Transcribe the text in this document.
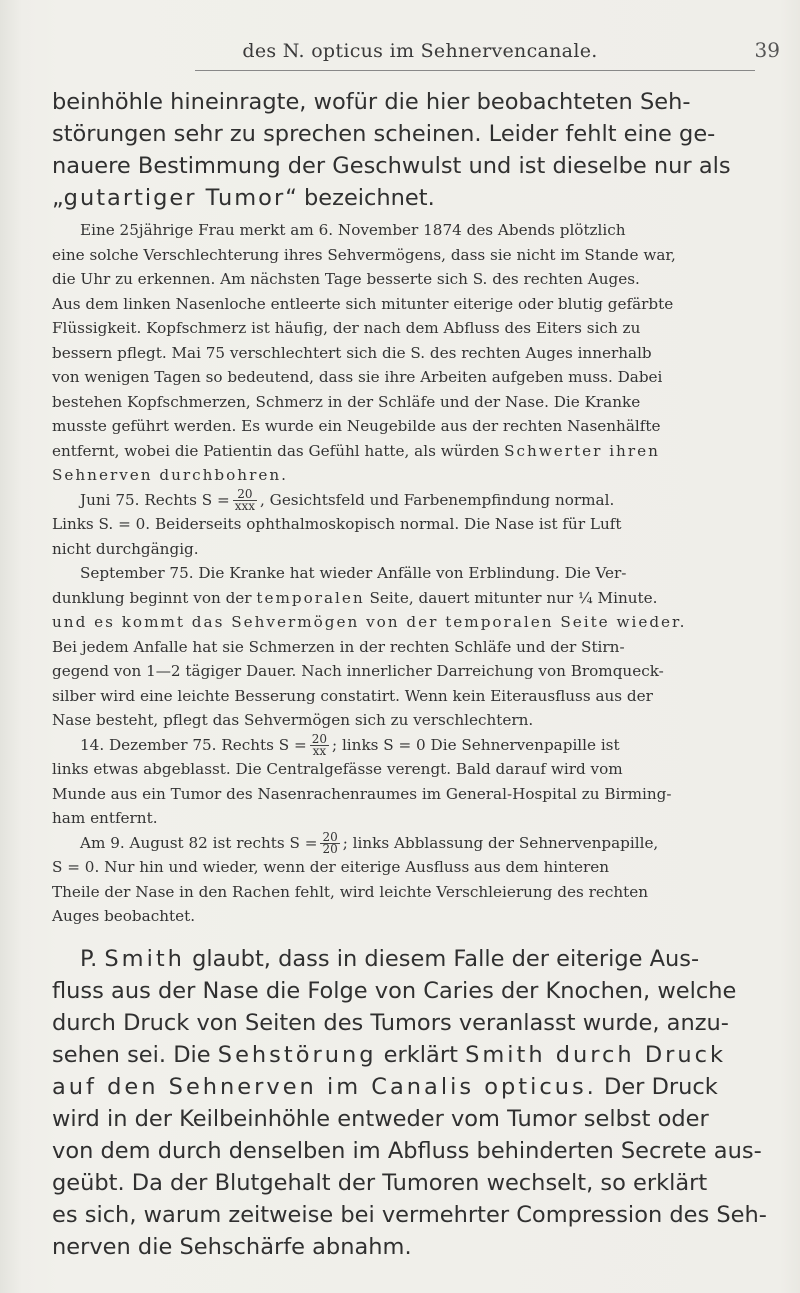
des N. opticus im Sehnervencanale.	39
beinhöhle hineinragte, wofür die hier beobachteten Seh-
störungen sehr zu sprechen scheinen. Leider fehlt eine ge-
nauere Bestimmung der Geschwulst und ist dieselbe nur als
„gutartiger Tumor“ bezeichnet.
Eine 25jährige Frau merkt am 6. November 1874 des Abends plötzlich
eine solche Verschlechterung ihres Sehvermögens, dass sie nicht im Stande war,
die Uhr zu erkennen. Am nächsten Tage besserte sich S. des rechten Auges.
Aus dem linken Nasenloche entleerte sich mitunter eiterige oder blutig gefärbte
Flüssigkeit. Kopfschmerz ist häufig, der nach dem Abfluss des Eiters sich zu
bessern pflegt. Mai 75 verschlechtert sich die S. des rechten Auges innerhalb
von wenigen Tagen so bedeutend, dass sie ihre Arbeiten aufgeben muss. Dabei
bestehen Kopfschmerzen, Schmerz in der Schläfe und der Nase. Die Kranke
musste geführt werden. Es wurde ein Neugebilde aus der rechten Nasenhälfte
entfernt, wobei die Patientin das Gefühl hatte, als würden Schwerter ihren
Sehnerven durchbohren.
Juni 75. Rechts $S = \frac{20}{\text{xxx}}$ , Gesichtsfeld und Farbenempfindung normal.
Links S. = 0. Beiderseits ophthalmoskopisch normal. Die Nase ist für Luft
nicht durchgängig.
September 75. Die Kranke hat wieder Anfälle von Erblindung. Die Ver-
dunklung beginnt von der temporalen Seite, dauert mitunter nur ¼ Minute.
und es kommt das Sehvermögen von der temporalen Seite wieder.
Bei jedem Anfalle hat sie Schmerzen in der rechten Schläfe und der Stirn-
gegend von 1—2 tägiger Dauer. Nach innerlicher Darreichung von Bromqueck-
silber wird eine leichte Besserung constatirt. Wenn kein Eiterausfluss aus der
Nase besteht, pflegt das Sehvermögen sich zu verschlechtern.
14. Dezember 75. Rechts $S = \frac{20}{xx}$ ; links S = 0 Die Sehnervenpapille ist
links etwas abgeblasst. Die Centralgefässe verengt. Bald darauf wird vom
Munde aus ein Tumor des Nasenrachenraumes im General-Hospital zu Birming-
ham entfernt.
Am 9. August 82 ist rechts $S = \frac{20}{20}$ ; links Abblassung der Sehnervenpapille,
S = 0. Nur hin und wieder, wenn der eiterige Ausfluss aus dem hinteren
Theile der Nase in den Rachen fehlt, wird leichte Verschleierung des rechten
Auges beobachtet.
P. Smith glaubt, dass in diesem Falle der eiterige Aus-
fluss aus der Nase die Folge von Caries der Knochen, welche
durch Druck von Seiten des Tumors veranlasst wurde, anzu-
sehen sei. Die Sehstörung erklärt Smith durch Druck
auf den Sehnerven im Canalis opticus. Der Druck
wird in der Keilbeinhöhle entweder vom Tumor selbst oder
von dem durch denselben im Abfluss behinderten Secrete aus-
geübt. Da der Blutgehalt der Tumoren wechselt, so erklärt
es sich, warum zeitweise bei vermehrter Compression des Seh-
nerven die Sehschärfe abnahm.
